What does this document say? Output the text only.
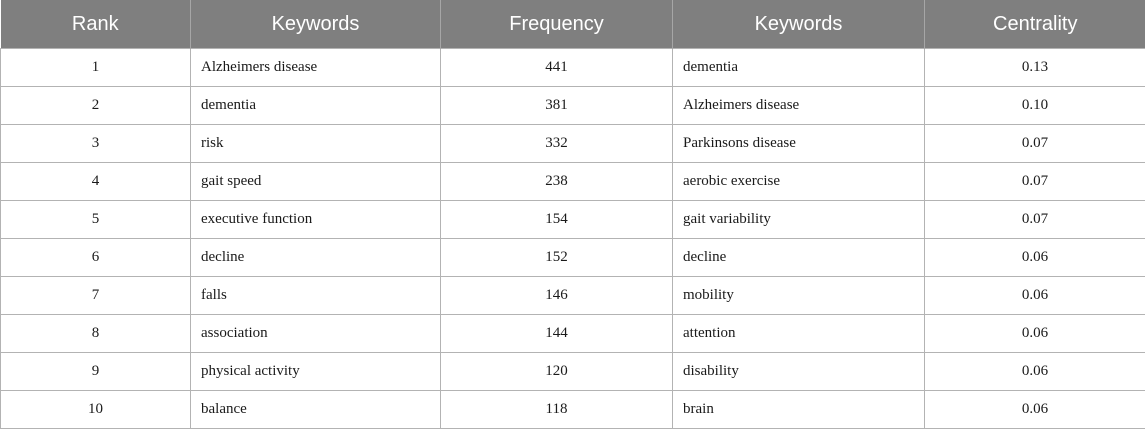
Rank	Keywords	Frequency	Keywords	Centrality
1	Alzheimers disease	441	dementia	0.13
2	dementia	381	Alzheimers disease	0.10
3	risk	332	Parkinsons disease	0.07
4	gait speed	238	aerobic exercise	0.07
5	executive function	154	gait variability	0.07
6	decline	152	decline	0.06
7	falls	146	mobility	0.06
8	association	144	attention	0.06
9	physical activity	120	disability	0.06
10	balance	118	brain	0.06
